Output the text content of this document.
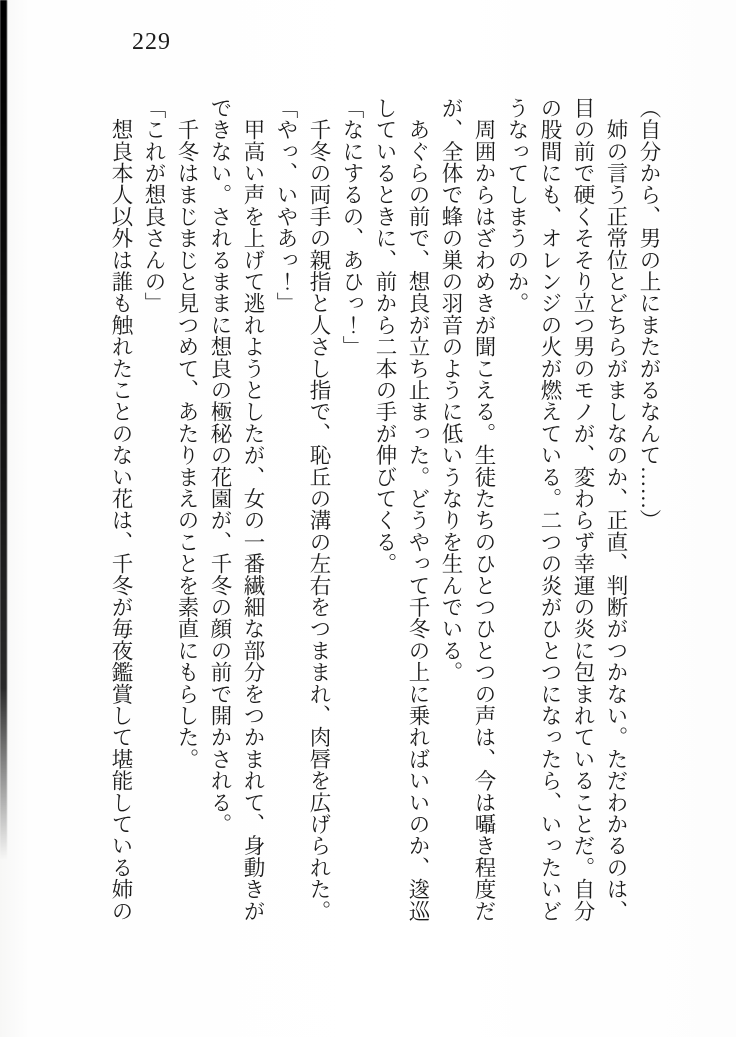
229
（自分から、男の上にまたがるなんて……）
　姉の言う正常位とどちらがましなのか、正直、判断がつかない。ただわかるのは、
目の前で硬くそそり立つ男のモノが、変わらず幸運の炎に包まれていることだ。自分
の股間にも、オレンジの火が燃えている。二つの炎がひとつになったら、いったいど
うなってしまうのか。
　周囲からはざわめきが聞こえる。生徒たちのひとつひとつの声は、今は囁き程度だ
が、全体で蜂の巣の羽音のように低いうなりを生んでいる。
　あぐらの前で、想良が立ち止まった。どうやって千冬の上に乗ればいいのか、逡巡
しているときに、前から二本の手が伸びてくる。
「なにするの、あひっ！」
　千冬の両手の親指と人さし指で、恥丘の溝の左右をつままれ、肉唇を広げられた。
「やっ、いやあっ！」
　甲高い声を上げて逃れようとしたが、女の一番繊細な部分をつかまれて、身動きが
できない。されるままに想良の極秘の花園が、千冬の顔の前で開かされる。
　千冬はまじまじと見つめて、あたりまえのことを素直にもらした。
「これが想良さんの」
　想良本人以外は誰も触れたことのない花は、千冬が毎夜鑑賞して堪能している姉の
